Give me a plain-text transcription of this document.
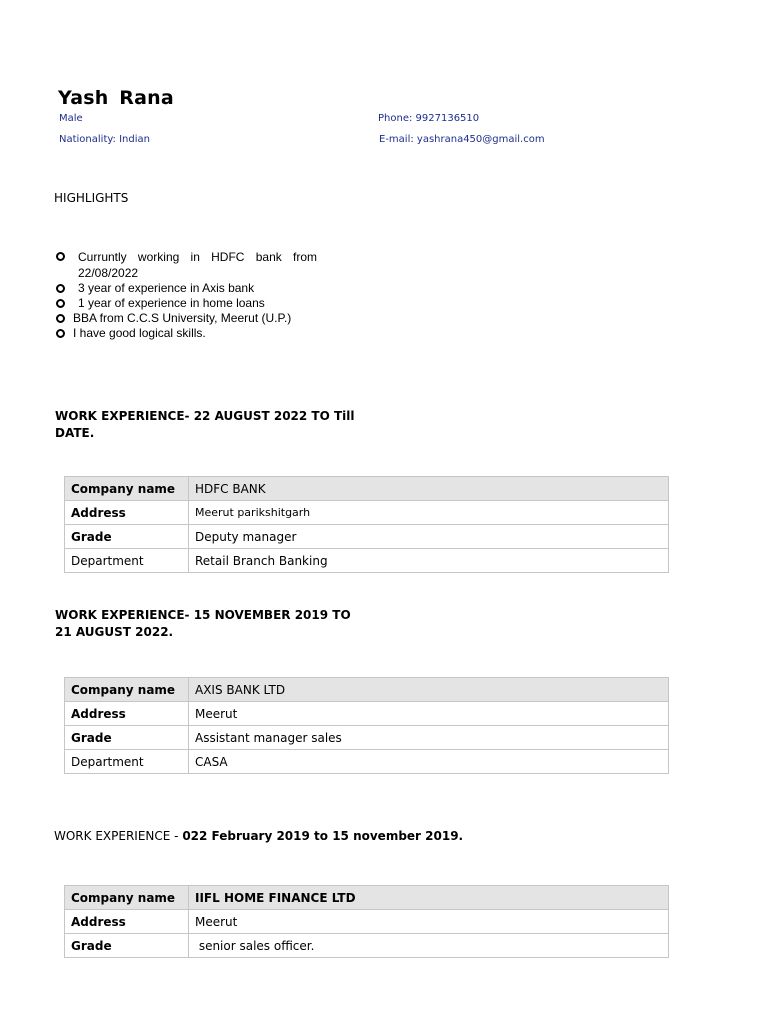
Yash Rana
Male
Nationality: Indian
Phone: 9927136510
E-mail: yashrana450@gmail.com
HIGHLIGHTS
Curruntly working in HDFC bank from 22/08/2022
3 year of experience in Axis bank
1 year of experience in home loans
BBA from C.C.S University, Meerut (U.P.)
I have good logical skills.
WORK EXPERIENCE- 22 AUGUST 2022 TO Till
DATE.
Company name	HDFC BANK
Address	Meerut parikshitgarh
Grade	Deputy manager
Department	Retail Branch Banking
WORK EXPERIENCE- 15 NOVEMBER 2019 TO
21 AUGUST 2022.
Company name	AXIS BANK LTD
Address	Meerut
Grade	Assistant manager sales
Department	CASA
WORK EXPERIENCE - 022 February 2019 to 15 november 2019.
Company name	IIFL HOME FINANCE LTD
Address	Meerut
Grade	senior sales officer.
